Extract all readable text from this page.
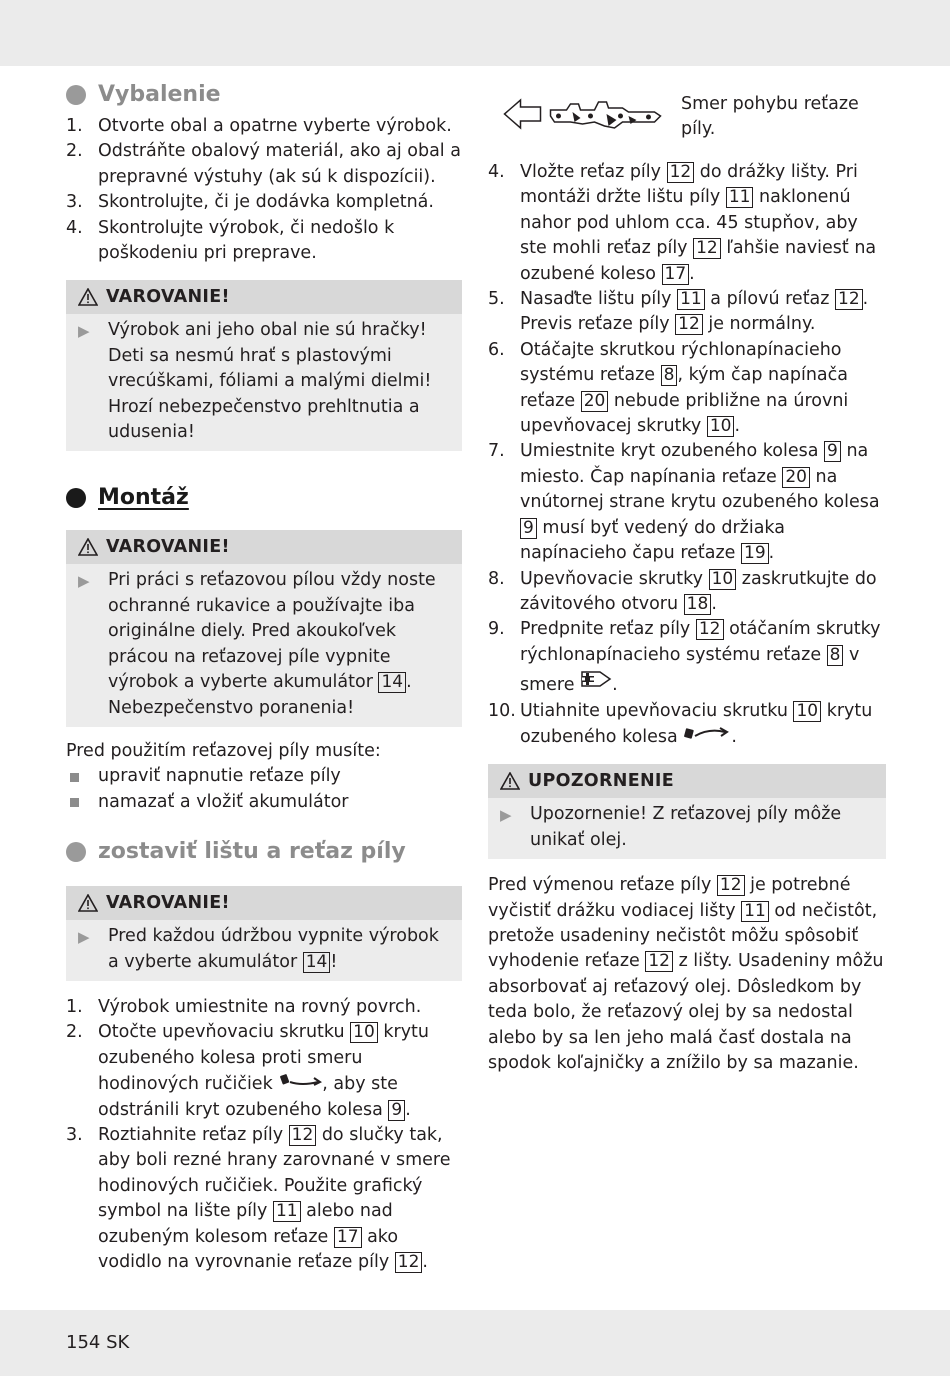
Vybalenie
1. Otvorte obal a opatrne vyberte výrobok.
2. Odstráňte obalový materiál, ako aj obal a prepravné výstuhy (ak sú k dispozícii).
3. Skontrolujte, či je dodávka kompletná.
4. Skontrolujte výrobok, či nedošlo k poškodeniu pri preprave.
VAROVANIE!
▶	Výrobok ani jeho obal nie sú hračky! Deti sa nesmú hrať s plastovými vrecúškami, fóliami a malými dielmi! Hrozí nebezpečenstvo prehltnutia a udusenia!
Montáž
VAROVANIE!
▶	Pri práci s reťazovou pílou vždy noste ochranné rukavice a používajte iba originálne diely. Pred akoukoľvek prácou na reťazovej píle vypnite výrobok a vyberte akumulátor 14 . Nebezpečenstvo poranenia!
Pred použitím reťazovej píly musíte:
upraviť napnutie reťaze píly
namazať a vložiť akumulátor
zostaviť lištu a reťaz píly
VAROVANIE!
▶	Pred každou údržbou vypnite výrobok a vyberte akumulátor 14 !
1. Výrobok umiestnite na rovný povrch.
2. Otočte upevňovaciu skrutku 10 krytu ozubeného kolesa proti smeru hodinových ručičiek	, aby ste odstránili kryt ozubeného kolesa 9 .
3. Roztiahnite reťaz píly 12 do slučky tak, aby boli rezné hrany zarovnané v smere hodinových ručičiek. Použite grafický symbol na lište píly 11 alebo nad ozubeným kolesom reťaze 17 ako vodidlo na vyrovnanie reťaze píly 12 .
Smer pohybu reťaze píly.
4. Vložte reťaz píly 12 do drážky lišty. Pri montáži držte lištu píly 11 naklonenú nahor pod uhlom cca. 45 stupňov, aby ste mohli reťaz píly 12 ľahšie naviesť na ozubené koleso 17 .
5. Nasaďte lištu píly 11 a pílovú reťaz 12 . Previs reťaze píly 12 je normálny.
6. Otáčajte skrutkou rýchlonapínacieho systému reťaze 8 , kým čap napínača reťaze 20 nebude približne na úrovni upevňovacej skrutky 10 .
7. Umiestnite kryt ozubeného kolesa 9 na miesto. Čap napínania reťaze 20 na vnútornej strane krytu ozubeného kolesa 9 musí byť vedený do držiaka napínacieho čapu reťaze 19 .
8. Upevňovacie skrutky 10 zaskrutkujte do závitového otvoru 18 .
9. Predpnite reťaz píly 12 otáčaním skrutky rýchlonapínacieho systému reťaze 8 v smere .
10. Utiahnite upevňovaciu skrutku 10 krytu ozubeného kolesa	.
UPOZORNENIE
▶	Upozornenie! Z reťazovej píly môže unikať olej.
Pred výmenou reťaze píly 12 je potrebné vyčistiť drážku vodiacej lišty 11 od nečistôt, pretože usadeniny nečistôt môžu spôsobiť vyhodenie reťaze 12 z lišty. Usadeniny môžu absorbovať aj reťazový olej. Dôsledkom by teda bolo, že reťazový olej by sa nedostal alebo by sa len jeho malá časť dostala na spodok koľajničky a znížilo by sa mazanie.
154 SK
